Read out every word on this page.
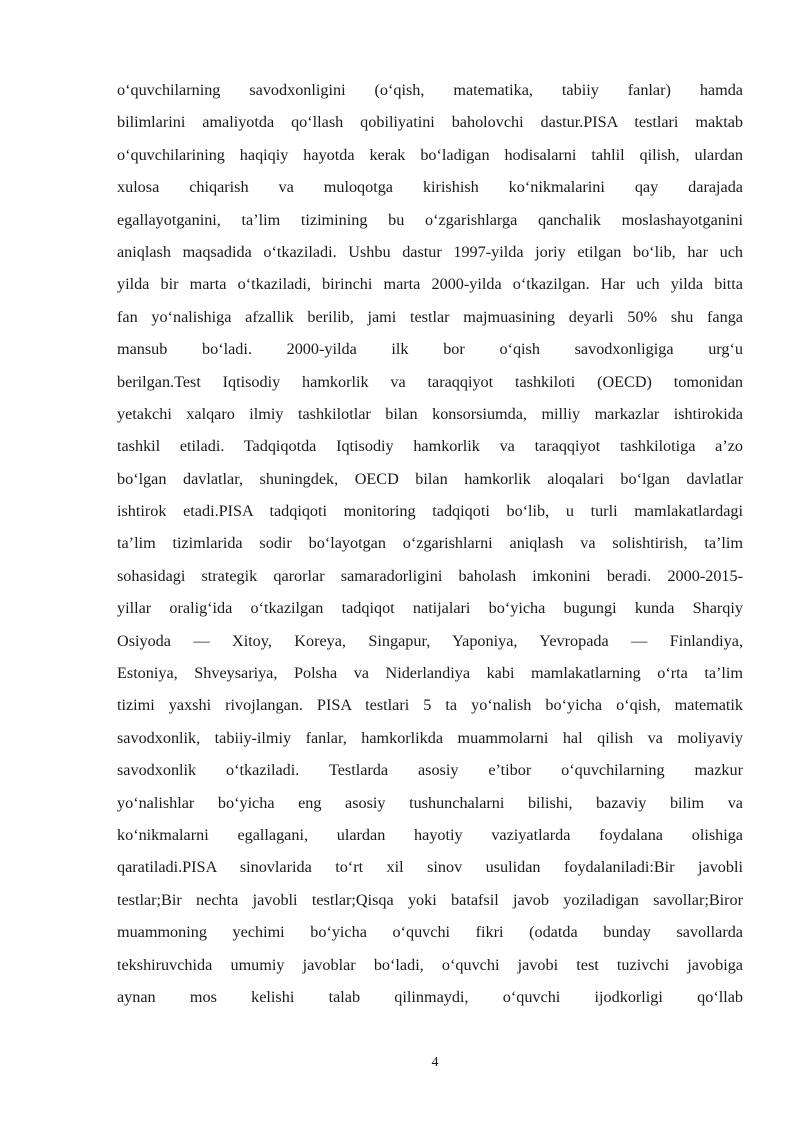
o‘quvchilarning savodxonligini (o‘qish, matematika, tabiiy fanlar) hamda
bilimlarini amaliyotda qo‘llash qobiliyatini baholovchi dastur.PISA testlari maktab
o‘quvchilarining haqiqiy hayotda kerak bo‘ladigan hodisalarni tahlil qilish, ulardan
xulosa chiqarish va muloqotga kirishish ko‘nikmalarini qay darajada
egallayotganini, ta’lim tizimining bu o‘zgarishlarga qanchalik moslashayotganini
aniqlash maqsadida o‘tkaziladi. Ushbu dastur 1997-yilda joriy etilgan bo‘lib, har uch
yilda bir marta o‘tkaziladi, birinchi marta 2000-yilda o‘tkazilgan. Har uch yilda bitta
fan yo‘nalishiga afzallik berilib, jami testlar majmuasining deyarli 50% shu fanga
mansub bo‘ladi. 2000-yilda ilk bor o‘qish savodxonligiga urg‘u
berilgan.Test Iqtisodiy hamkorlik va taraqqiyot tashkiloti (OECD) tomonidan
yetakchi xalqaro ilmiy tashkilotlar bilan konsorsiumda, milliy markazlar ishtirokida
tashkil etiladi. Tadqiqotda Iqtisodiy hamkorlik va taraqqiyot tashkilotiga a’zo
bo‘lgan davlatlar, shuningdek, OECD bilan hamkorlik aloqalari bo‘lgan davlatlar
ishtirok etadi.PISA tadqiqoti monitoring tadqiqoti bo‘lib, u turli mamlakatlardagi
ta’lim tizimlarida sodir bo‘layotgan o‘zgarishlarni aniqlash va solishtirish, ta’lim
sohasidagi strategik qarorlar samaradorligini baholash imkonini beradi. 2000-2015-
yillar oralig‘ida o‘tkazilgan tadqiqot natijalari bo‘yicha bugungi kunda Sharqiy
Osiyoda — Xitoy, Koreya, Singapur, Yaponiya, Yevropada — Finlandiya,
Estoniya, Shveysariya, Polsha va Niderlandiya kabi mamlakatlarning o‘rta ta’lim
tizimi yaxshi rivojlangan. PISA testlari 5 ta yo‘nalish bo‘yicha o‘qish, matematik
savodxonlik, tabiiy-ilmiy fanlar, hamkorlikda muammolarni hal qilish va moliyaviy
savodxonlik o‘tkaziladi. Testlarda asosiy e’tibor o‘quvchilarning mazkur
yo‘nalishlar bo‘yicha eng asosiy tushunchalarni bilishi, bazaviy bilim va
ko‘nikmalarni egallagani, ulardan hayotiy vaziyatlarda foydalana olishiga
qaratiladi.PISA sinovlarida to‘rt xil sinov usulidan foydalaniladi:Bir javobli
testlar;Bir nechta javobli testlar;Qisqa yoki batafsil javob yoziladigan savollar;Biror
muammoning yechimi bo‘yicha o‘quvchi fikri (odatda bunday savollarda
tekshiruvchida umumiy javoblar bo‘ladi, o‘quvchi javobi test tuzivchi javobiga
aynan mos kelishi talab qilinmaydi, o‘quvchi ijodkorligi qo‘llab
4
